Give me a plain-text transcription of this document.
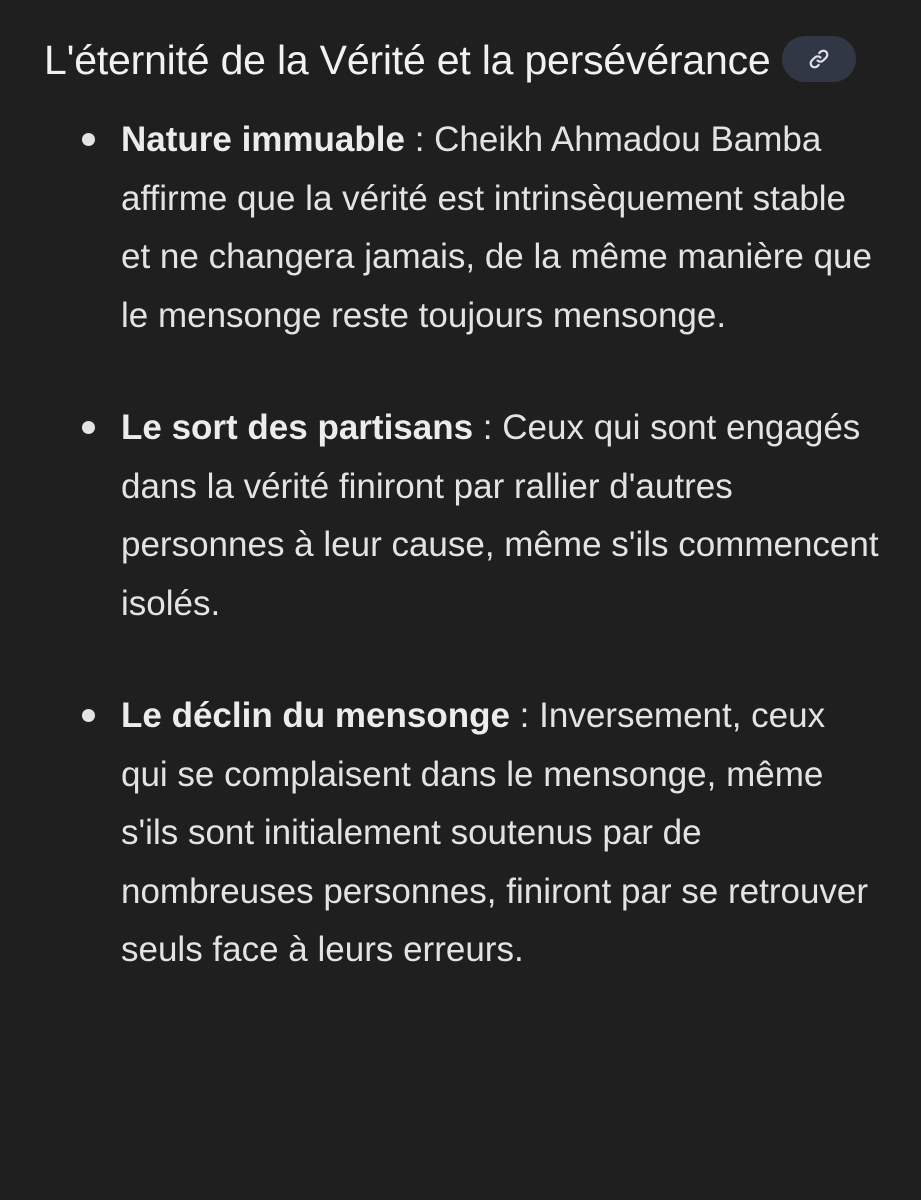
L'éternité de la Vérité et la persévérance
Nature immuable : Cheikh Ahmadou Bamba affirme que la vérité est intrinsèquement stable et ne changera jamais, de la même manière que le mensonge reste toujours mensonge.
Le sort des partisans : Ceux qui sont engagés dans la vérité finiront par rallier d'autres personnes à leur cause, même s'ils commencent isolés.
Le déclin du mensonge : Inversement, ceux qui se complaisent dans le mensonge, même s'ils sont initialement soutenus par de nombreuses personnes, finiront par se retrouver seuls face à leurs erreurs.
